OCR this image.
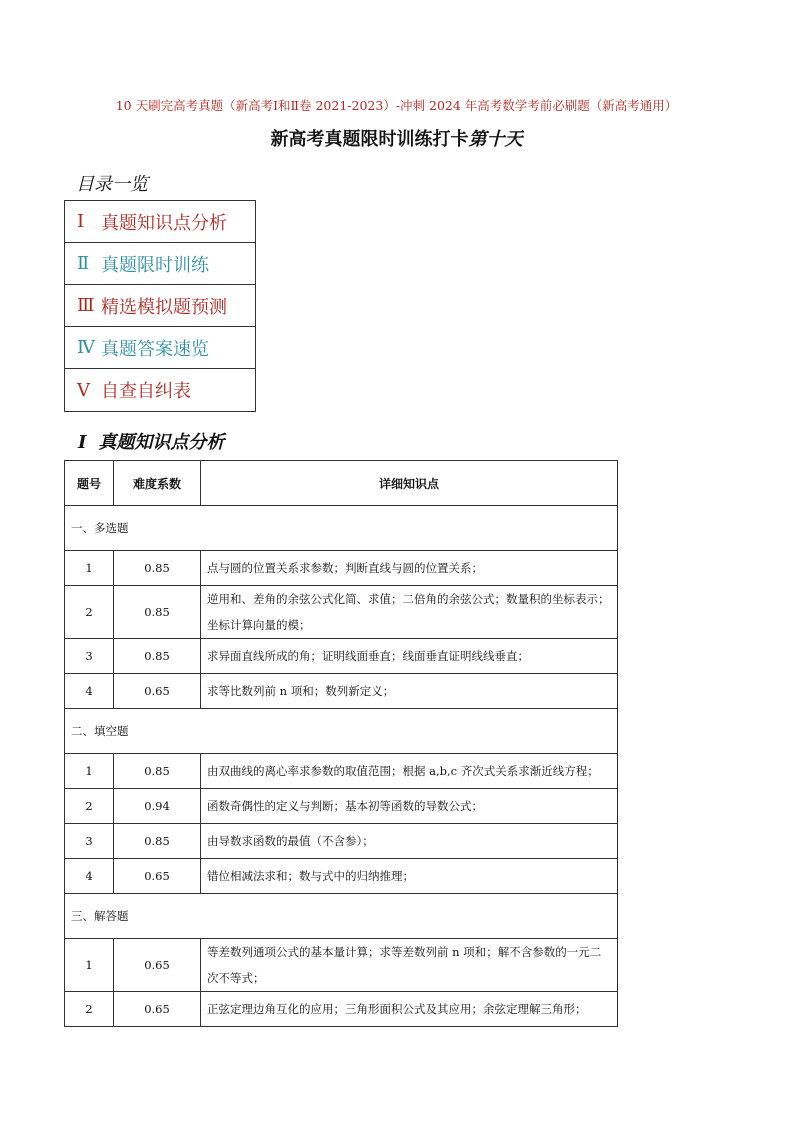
10 天刷完高考真题（新高考Ⅰ和Ⅱ卷 2021-2023）-冲刺 2024 年高考数学考前必刷题（新高考通用）
新高考真题限时训练打卡第十天
目录一览
Ⅰ 真题知识点分析
Ⅱ 真题限时训练
Ⅲ 精选模拟题预测
Ⅳ 真题答案速览
Ⅴ 自查自纠表
Ⅰ 真题知识点分析
题号	难度系数	详细知识点
一、多选题		
1	0.85	点与圆的位置关系求参数；判断直线与圆的位置关系；
2	0.85	逆用和、差角的余弦公式化简、求值；二倍角的余弦公式；数量积的坐标表示；坐标计算向量的模；
3	0.85	求异面直线所成的角；证明线面垂直；线面垂直证明线线垂直；
4	0.65	求等比数列前 n 项和；数列新定义；
二、填空题		
1	0.85	由双曲线的离心率求参数的取值范围；根据 a,b,c 齐次式关系求渐近线方程；
2	0.94	函数奇偶性的定义与判断；基本初等函数的导数公式；
3	0.85	由导数求函数的最值（不含参）；
4	0.65	错位相减法求和；数与式中的归纳推理；
三、解答题		
1	0.65	等差数列通项公式的基本量计算；求等差数列前 n 项和；解不含参数的一元二次不等式；
2	0.65	正弦定理边角互化的应用；三角形面积公式及其应用；余弦定理解三角形；
